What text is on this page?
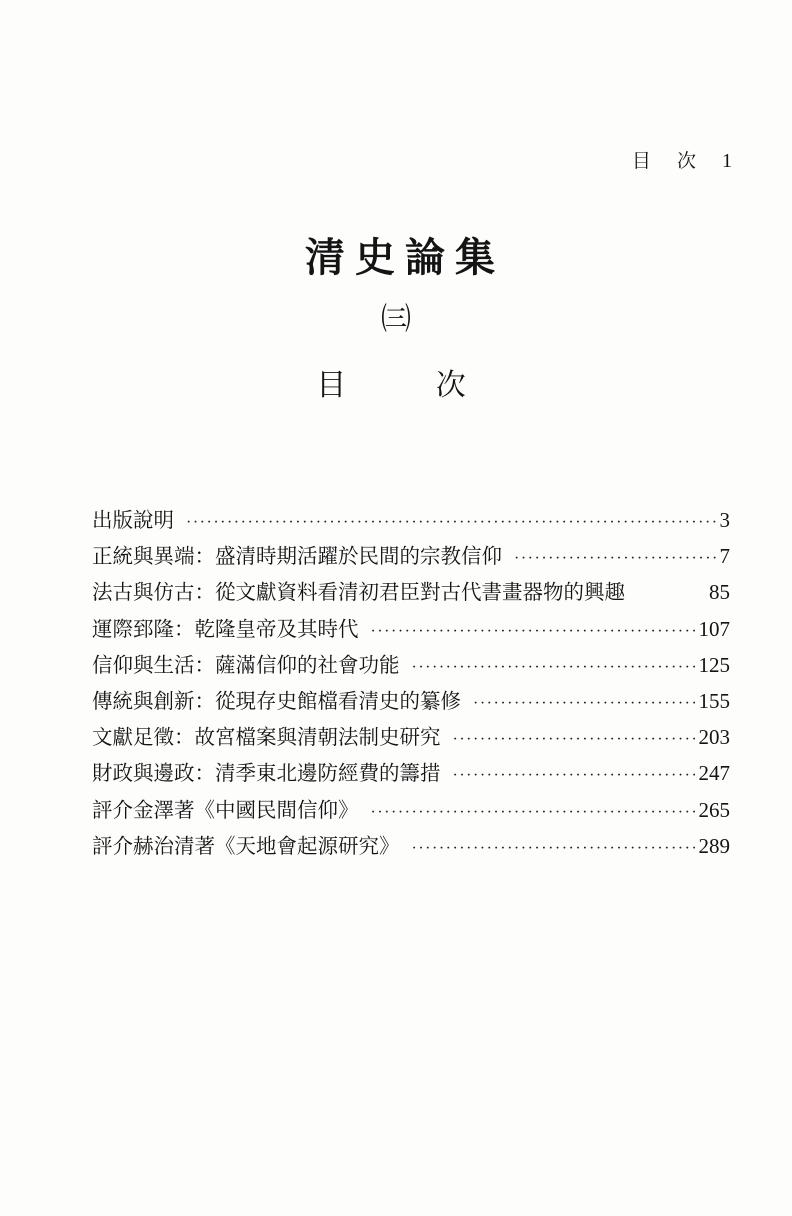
目 次 1
清史論集
㈢
目 次
出版說明 ·····	3
正統與異端：盛清時期活躍於民間的宗教信仰 ·····	7
法古與仿古：從文獻資料看清初君臣對古代書畫器物的興趣	85
運際郅隆：乾隆皇帝及其時代 ·····	107
信仰與生活：薩滿信仰的社會功能 ·····	125
傳統與創新：從現存史館檔看清史的纂修 ·····	155
文獻足徵：故宮檔案與清朝法制史研究 ·····	203
財政與邊政：清季東北邊防經費的籌措 ·····	247
評介金澤著《中國民間信仰》 ·····	265
評介赫治清著《天地會起源研究》 ·····	289
